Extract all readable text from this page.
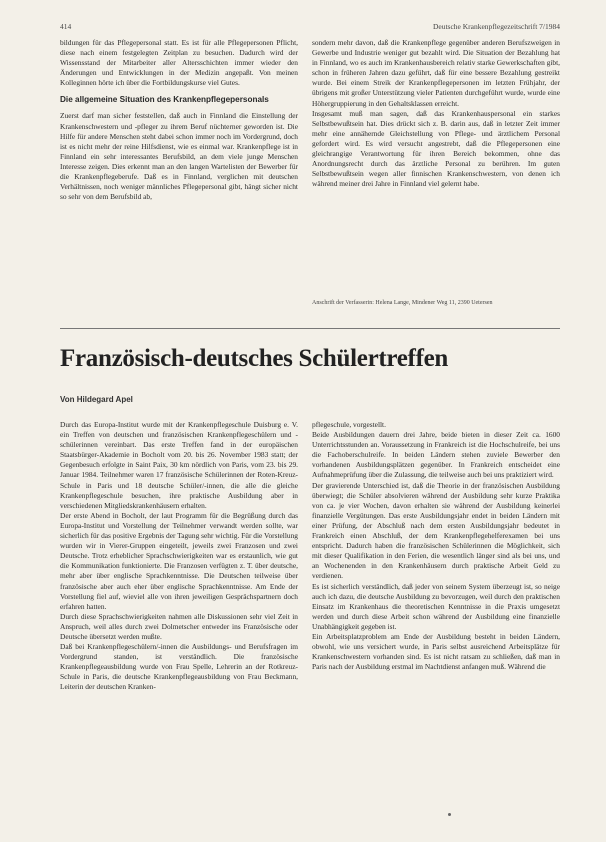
414	Deutsche Krankenpflegezeitschrift 7/1984

bildungen für das Pflegepersonal statt. Es ist für alle Pflegepersonen Pflicht, diese nach einem festgelegten Zeitplan zu besuchen. Dadurch wird der Wissensstand der Mitarbeiter aller Altersschichten immer wieder den Änderungen und Entwicklungen in der Medizin angepaßt. Von meinen Kolleginnen hörte ich über die Fortbildungskurse viel Gutes.

Die allgemeine Situation des Krankenpflegepersonals

Zuerst darf man sicher feststellen, daß auch in Finnland die Einstellung der Krankenschwestern und -pfleger zu ihrem Beruf nüchterner geworden ist. Die Hilfe für andere Menschen steht dabei schon immer noch im Vordergrund, doch ist es nicht mehr der reine Hilfsdienst, wie es einmal war. Krankenpflege ist in Finnland ein sehr interessantes Berufsbild, an dem viele junge Menschen Interesse zeigen. Dies erkennt man an den langen Wartelisten der Bewerber für die Krankenpflegeberufe. Daß es in Finnland, verglichen mit deutschen Verhältnissen, noch weniger männliches Pflegepersonal gibt, hängt sicher nicht so sehr von dem Berufsbild ab,

sondern mehr davon, daß die Krankenpflege gegenüber anderen Berufszweigen in Gewerbe und Industrie weniger gut bezahlt wird. Die Situation der Bezahlung hat in Finnland, wo es auch im Krankenhausbereich relativ starke Gewerkschaften gibt, schon in früheren Jahren dazu geführt, daß für eine bessere Bezahlung gestreikt wurde. Bei einem Streik der Krankenpflegepersonen im letzten Frühjahr, der übrigens mit großer Unterstützung vieler Patienten durchgeführt wurde, wurde eine Höhergruppierung in den Gehaltsklassen erreicht.

Insgesamt muß man sagen, daß das Krankenhauspersonal ein starkes Selbstbewußtsein hat. Dies drückt sich z. B. darin aus, daß in letzter Zeit immer mehr eine annähernde Gleichstellung von Pflege- und ärztlichem Personal gefordert wird. Es wird versucht angestrebt, daß die Pflegepersonen eine gleichrangige Verantwortung für ihren Bereich bekommen, ohne das Anordnungsrecht durch das ärztliche Personal zu berühren. Im guten Selbstbewußtsein wegen aller finnischen Krankenschwestern, von denen ich während meiner drei Jahre in Finnland viel gelernt habe.

Anschrift der Verfasserin: Helena Lange, Mindener Weg 11, 2390 Uetersen
Französisch-deutsches Schülertreffen
Von Hildegard Apel

Durch das Europa-Institut wurde mit der Krankenpflegeschule Duisburg e. V. ein Treffen von deutschen und französischen Krankenpflegeschülern und -schülerinnen vereinbart. Das erste Treffen fand in der europäischen Staatsbürger-Akademie in Bocholt vom 20. bis 26. November 1983 statt; der Gegenbesuch erfolgte in Saint Paix, 30 km nördlich von Paris, vom 23. bis 29. Januar 1984. Teilnehmer waren 17 französische Schülerinnen der Roten-Kreuz-Schule in Paris und 18 deutsche Schüler/-innen, die alle die gleiche Krankenpflegeschule besuchen, ihre praktische Ausbildung aber in verschiedenen Mitgliedskrankenhäusern erhalten.

Der erste Abend in Bocholt, der laut Programm für die Begrüßung durch das Europa-Institut und Vorstellung der Teilnehmer verwandt werden sollte, war sicherlich für das positive Ergebnis der Tagung sehr wichtig. Für die Vorstellung wurden wir in Vierer-Gruppen eingeteilt, jeweils zwei Franzosen und zwei Deutsche. Trotz erheblicher Sprachschwierigkeiten war es erstaunlich, wie gut die Kommunikation funktionierte. Die Franzosen verfügten z. T. über deutsche, mehr aber über englische Sprachkenntnisse. Die Deutschen teilweise über französische aber auch eher über englische Sprachkenntnisse. Am Ende der Vorstellung fiel auf, wieviel alle von ihren jeweiligen Gesprächspartnern doch erfahren hatten.

Durch diese Sprachschwierigkeiten nahmen alle Diskussionen sehr viel Zeit in Anspruch, weil alles durch zwei Dolmetscher entweder ins Französische oder Deutsche übersetzt werden mußte.

Daß bei Krankenpflegeschülern/-innen die Ausbildungs- und Berufsfragen im Vordergrund standen, ist verständlich. Die französische Krankenpflegeausbildung wurde von Frau Spelle, Lehrerin an der Rotkreuz-Schule in Paris, die deutsche Krankenpflegeausbildung von Frau Beckmann, Leiterin der deutschen Kranken-

pflegeschule, vorgestellt.

Beide Ausbildungen dauern drei Jahre, beide bieten in dieser Zeit ca. 1600 Unterrichtsstunden an. Voraussetzung in Frankreich ist die Hochschulreife, bei uns die Fachoberschulreife. In beiden Ländern stehen zuviele Bewerber den vorhandenen Ausbildungsplätzen gegenüber. In Frankreich entscheidet eine Aufnahmeprüfung über die Zulassung, die teilweise auch bei uns praktiziert wird.

Der gravierende Unterschied ist, daß die Theorie in der französischen Ausbildung überwiegt; die Schüler absolvieren während der Ausbildung sehr kurze Praktika von ca. je vier Wochen, davon erhalten sie während der Ausbildung keinerlei finanzielle Vergütungen. Das erste Ausbildungsjahr endet in beiden Ländern mit einer Prüfung, der Abschluß nach dem ersten Ausbildungsjahr bedeutet in Frankreich einen Abschluß, der dem Krankenpflegehelferexamen bei uns entspricht. Dadurch haben die französischen Schülerinnen die Möglichkeit, sich mit dieser Qualifikation in den Ferien, die wesentlich länger sind als bei uns, und an Wochenenden in den Krankenhäusern durch praktische Arbeit Geld zu verdienen.

Es ist sicherlich verständlich, daß jeder von seinem System überzeugt ist, so neige auch ich dazu, die deutsche Ausbildung zu bevorzugen, weil durch den praktischen Einsatz im Krankenhaus die theoretischen Kenntnisse in die Praxis umgesetzt werden und durch diese Arbeit schon während der Ausbildung eine finanzielle Unabhängigkeit gegeben ist.

Ein Arbeitsplatzproblem am Ende der Ausbildung besteht in beiden Ländern, obwohl, wie uns versichert wurde, in Paris selbst ausreichend Arbeitsplätze für Krankenschwestern vorhanden sind. Es ist nicht ratsam zu schließen, daß man in Paris nach der Ausbildung erstmal im Nachtdienst anfangen muß. Während die
